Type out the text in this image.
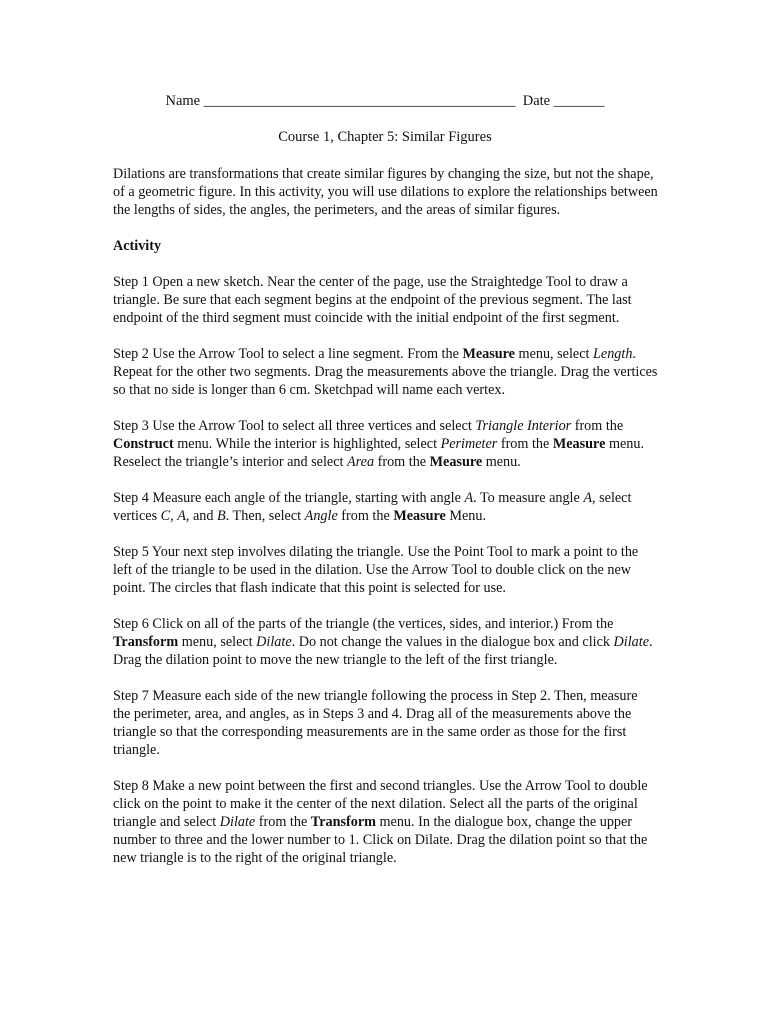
Name ___________________________________________ Date _______
Course 1, Chapter 5: Similar Figures

Dilations are transformations that create similar figures by changing the size, but not the shape, of a geometric figure. In this activity, you will use dilations to explore the relationships between the lengths of sides, the angles, the perimeters, and the areas of similar figures.

Activity

Step 1 Open a new sketch. Near the center of the page, use the Straightedge Tool to draw a triangle. Be sure that each segment begins at the endpoint of the previous segment. The last endpoint of the third segment must coincide with the initial endpoint of the first segment.

Step 2 Use the Arrow Tool to select a line segment. From the Measure menu, select Length. Repeat for the other two segments. Drag the measurements above the triangle. Drag the vertices so that no side is longer than 6 cm. Sketchpad will name each vertex.

Step 3 Use the Arrow Tool to select all three vertices and select Triangle Interior from the Construct menu. While the interior is highlighted, select Perimeter from the Measure menu. Reselect the triangle’s interior and select Area from the Measure menu.

Step 4 Measure each angle of the triangle, starting with angle A. To measure angle A, select vertices C, A, and B. Then, select Angle from the Measure Menu.

Step 5 Your next step involves dilating the triangle. Use the Point Tool to mark a point to the left of the triangle to be used in the dilation. Use the Arrow Tool to double click on the new point. The circles that flash indicate that this point is selected for use.

Step 6 Click on all of the parts of the triangle (the vertices, sides, and interior.) From the Transform menu, select Dilate. Do not change the values in the dialogue box and click Dilate. Drag the dilation point to move the new triangle to the left of the first triangle.

Step 7 Measure each side of the new triangle following the process in Step 2. Then, measure the perimeter, area, and angles, as in Steps 3 and 4. Drag all of the measurements above the triangle so that the corresponding measurements are in the same order as those for the first triangle.

Step 8 Make a new point between the first and second triangles. Use the Arrow Tool to double click on the point to make it the center of the next dilation. Select all the parts of the original triangle and select Dilate from the Transform menu. In the dialogue box, change the upper number to three and the lower number to 1. Click on Dilate. Drag the dilation point so that the new triangle is to the right of the original triangle.
